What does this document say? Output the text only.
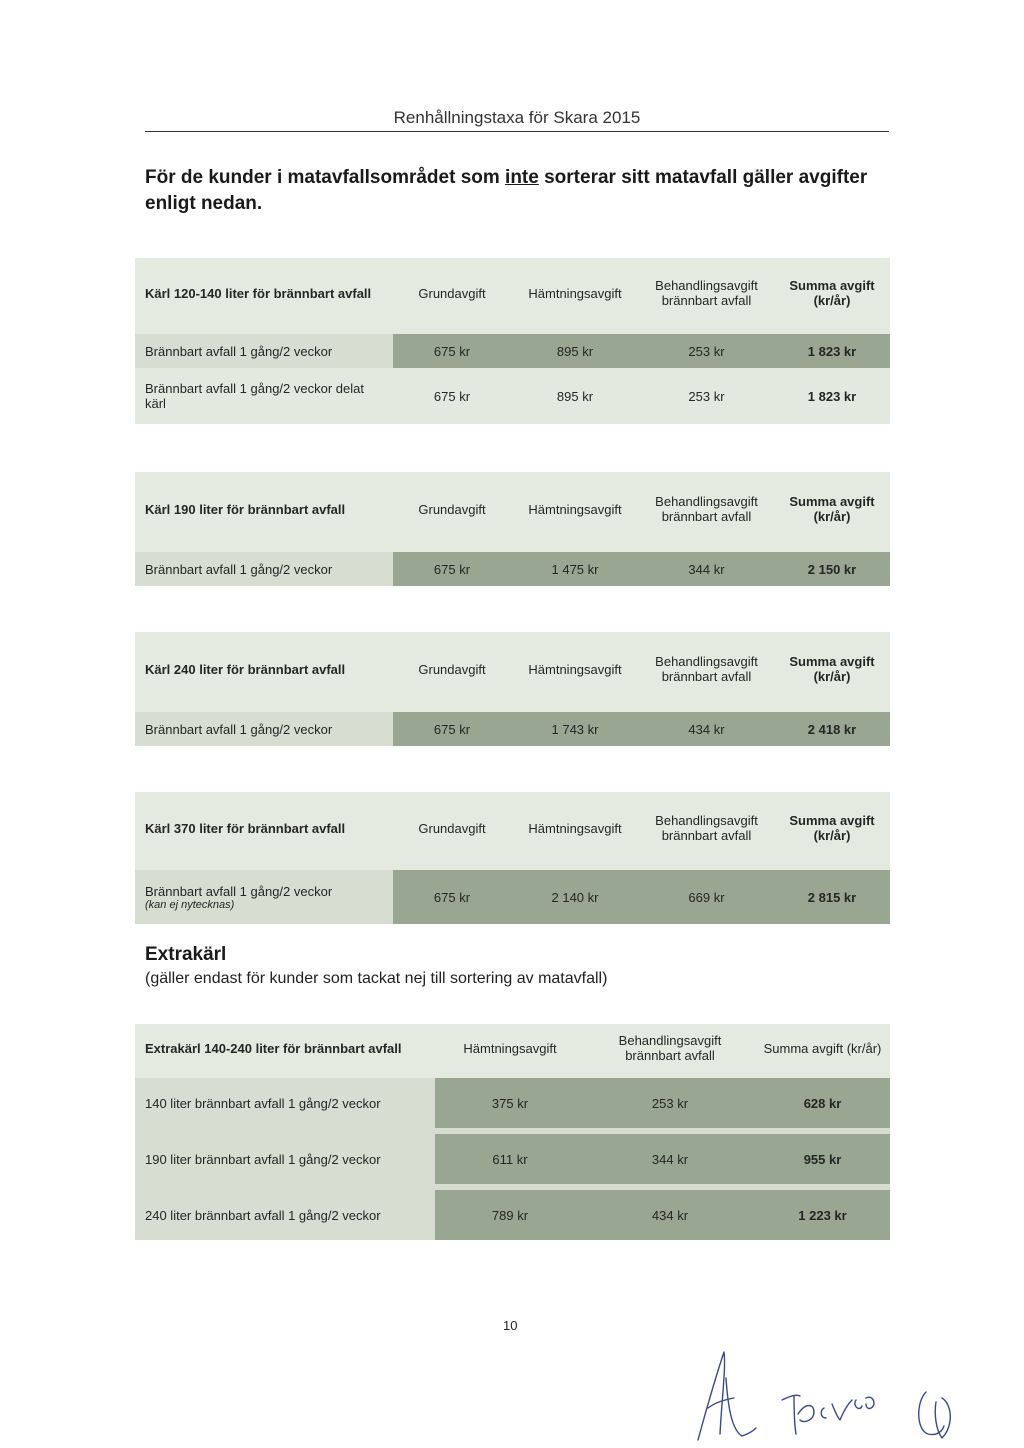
Renhållningstaxa för Skara 2015
För de kunder i matavfallsområdet som inte sorterar sitt matavfall gäller avgifter enligt nedan.
Kärl 120-140 liter för brännbart avfall	Grundavgift	Hämtningsavgift	Behandlingsavgift brännbart avfall	Summa avgift (kr/år)

Brännbart avfall 1 gång/2 veckor	675 kr	895 kr	253 kr	1 823 kr
Brännbart avfall 1 gång/2 veckor delat kärl	675 kr	895 kr	253 kr	1 823 kr
Kärl 190 liter för brännbart avfall	Grundavgift	Hämtningsavgift	Behandlingsavgift brännbart avfall	Summa avgift (kr/år)

Brännbart avfall 1 gång/2 veckor	675 kr	1 475 kr	344 kr	2 150 kr
Kärl 240 liter för brännbart avfall	Grundavgift	Hämtningsavgift	Behandlingsavgift brännbart avfall	Summa avgift (kr/år)

Brännbart avfall 1 gång/2 veckor	675 kr	1 743 kr	434 kr	2 418 kr
Kärl 370 liter för brännbart avfall	Grundavgift	Hämtningsavgift	Behandlingsavgift brännbart avfall	Summa avgift (kr/år)

Brännbart avfall 1 gång/2 veckor
(kan ej nytecknas)	675 kr	2 140 kr	669 kr	2 815 kr
Extrakärl
(gäller endast för kunder som tackat nej till sortering av matavfall)
Extrakärl 140-240 liter för brännbart avfall	Hämtningsavgift	Behandlingsavgift brännbart avfall	Summa avgift (kr/år)

140 liter brännbart avfall 1 gång/2 veckor	375 kr	253 kr	628 kr

190 liter brännbart avfall 1 gång/2 veckor	611 kr	344 kr	955 kr

240 liter brännbart avfall 1 gång/2 veckor	789 kr	434 kr	1 223 kr
10
